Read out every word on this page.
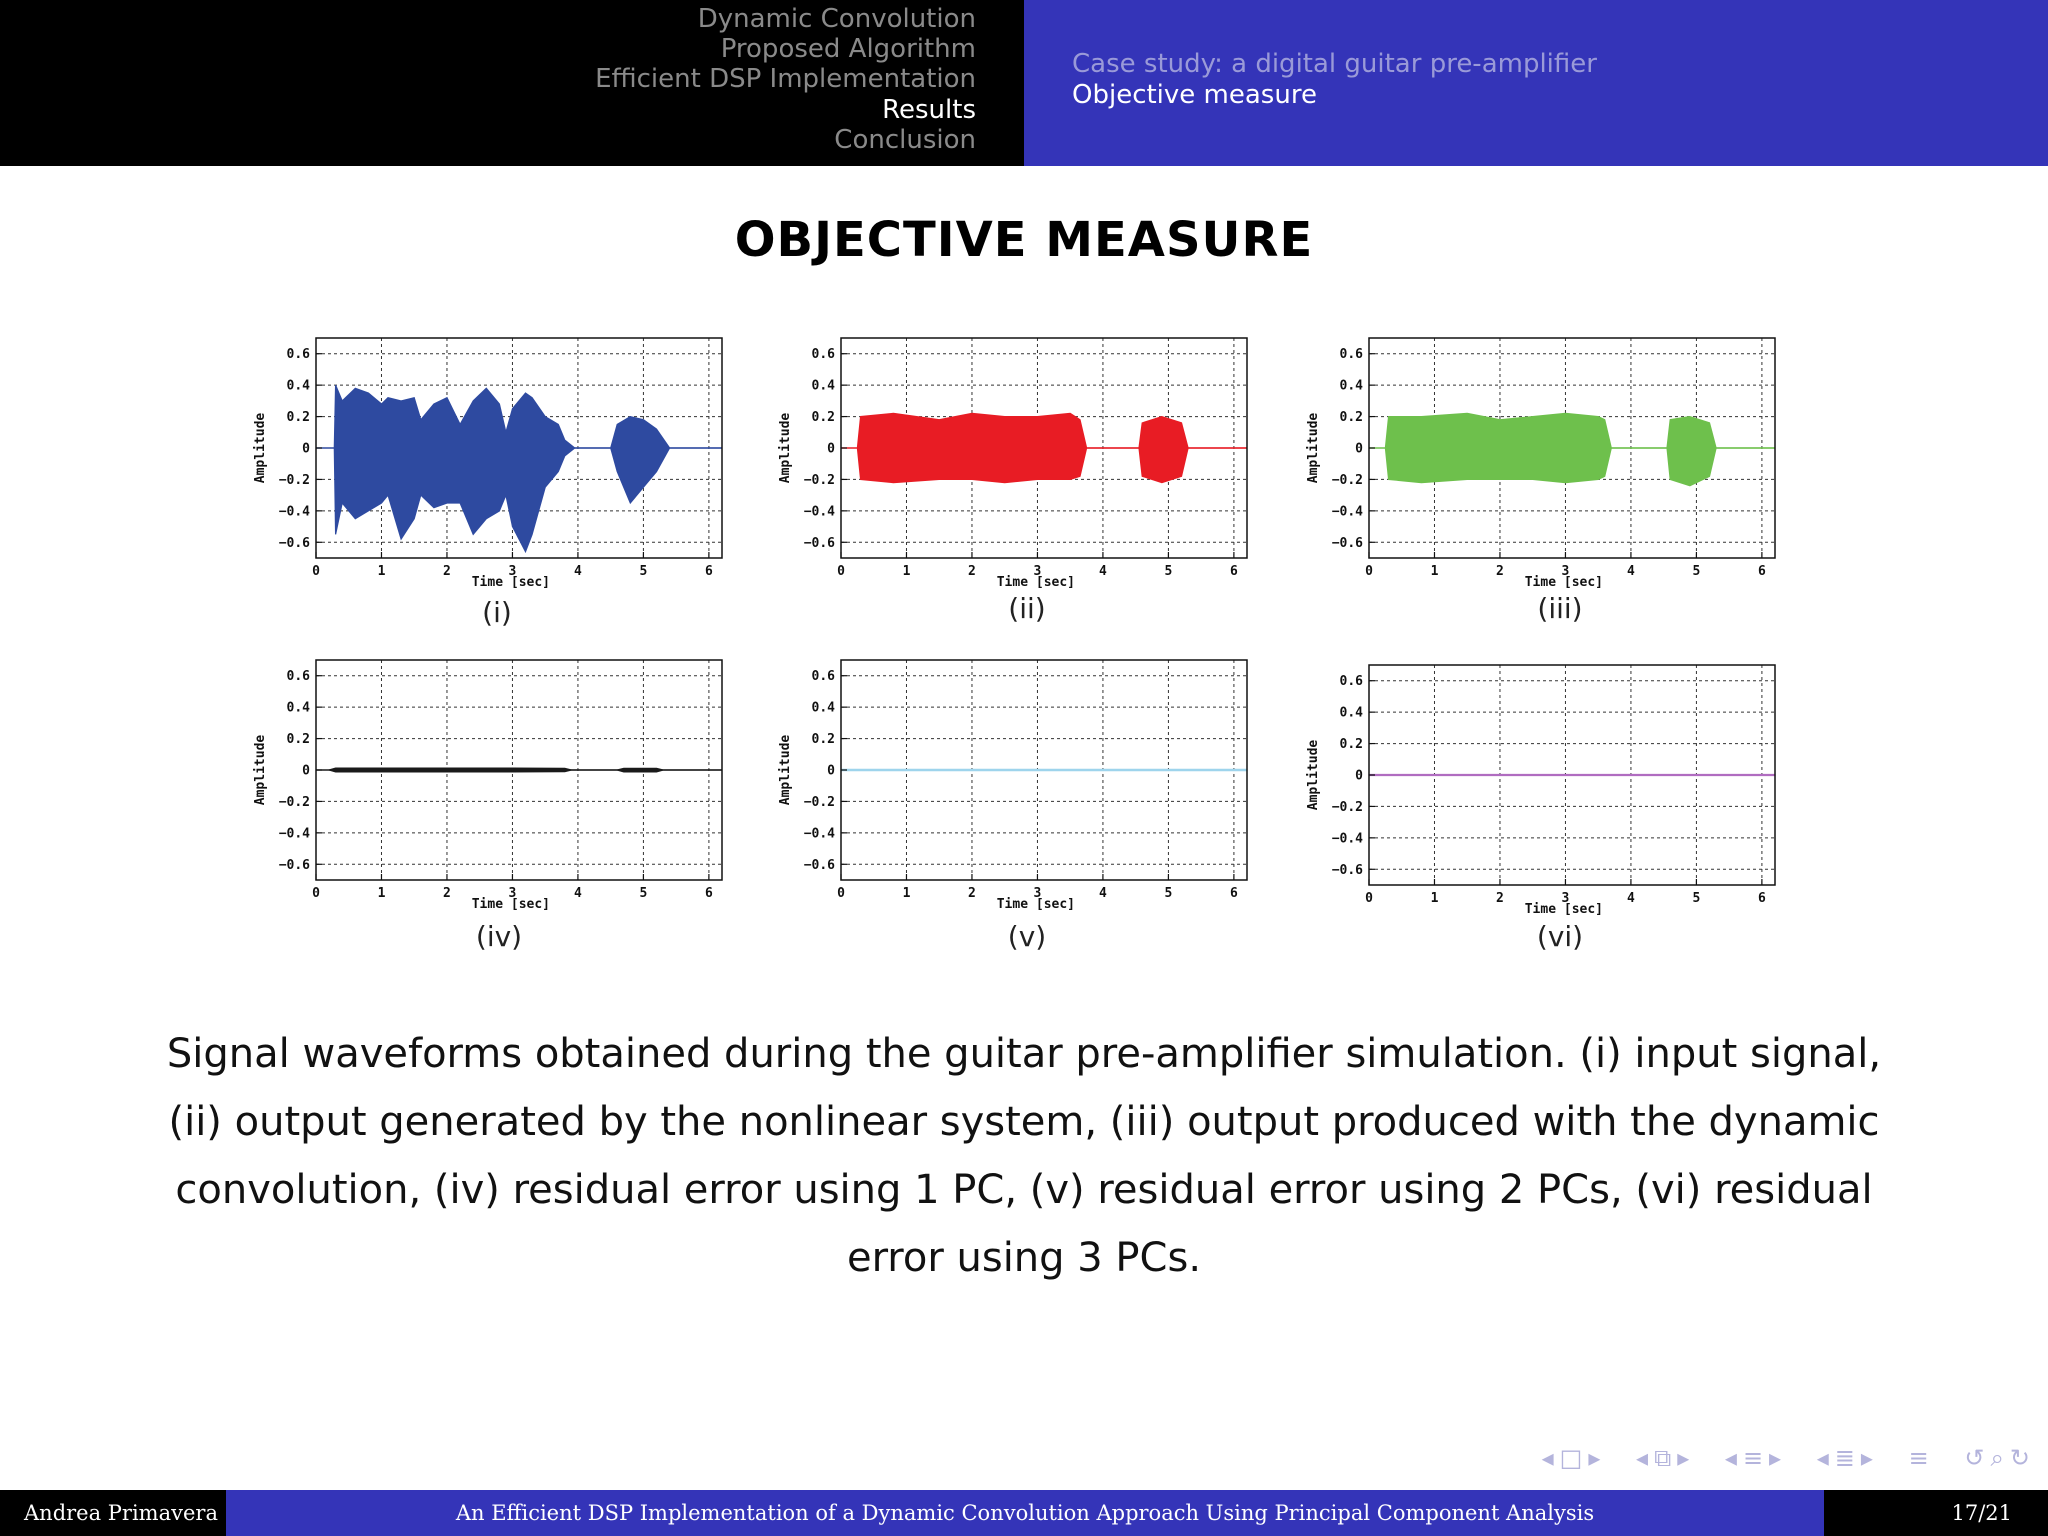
Dynamic Convolution
Proposed Algorithm
Efficient DSP Implementation
Results
Conclusion
Case study: a digital guitar pre-amplifier
Objective measure
OBJECTIVE MEASURE
0	1	2	3	4	5	6
0.6
0.4
0.2
0
−0.2
−0.4
−0.6
Time [sec]
Amplitude
0	1	2	3	4	5	6
0.6
0.4
0.2
0
−0.2
−0.4
−0.6
Time [sec]
Amplitude
0	1	2	3	4	5	6
0.6
0.4
0.2
0
−0.2
−0.4
−0.6
Time [sec]
Amplitude
0	1	2	3	4	5	6
0.6
0.4
0.2
0
−0.2
−0.4
−0.6
Time [sec]
Amplitude
0	1	2	3	4	5	6
0.6
0.4
0.2
0
−0.2
−0.4
−0.6
Time [sec]
Amplitude
0	1	2	3	4	5	6
0.6
0.4
0.2
0
−0.2
−0.4
−0.6
Time [sec]
Amplitude
(i)	(ii)	(iii)
(iv)	(v)	(vi)
Signal waveforms obtained during the guitar pre-amplifier simulation. (i) input signal, (ii) output generated by the nonlinear system, (iii) output produced with the dynamic convolution, (iv) residual error using 1 PC, (v) residual error using 2 PCs, (vi) residual error using 3 PCs.
◂ □ ▸ ◂ ⧉ ▸ ◂ ≡ ▸ ◂ ≣ ▸ ≡ ↺ ⌕ ↻
Andrea Primavera	An Efficient DSP Implementation of a Dynamic Convolution Approach Using Principal Component Analysis	17/21
